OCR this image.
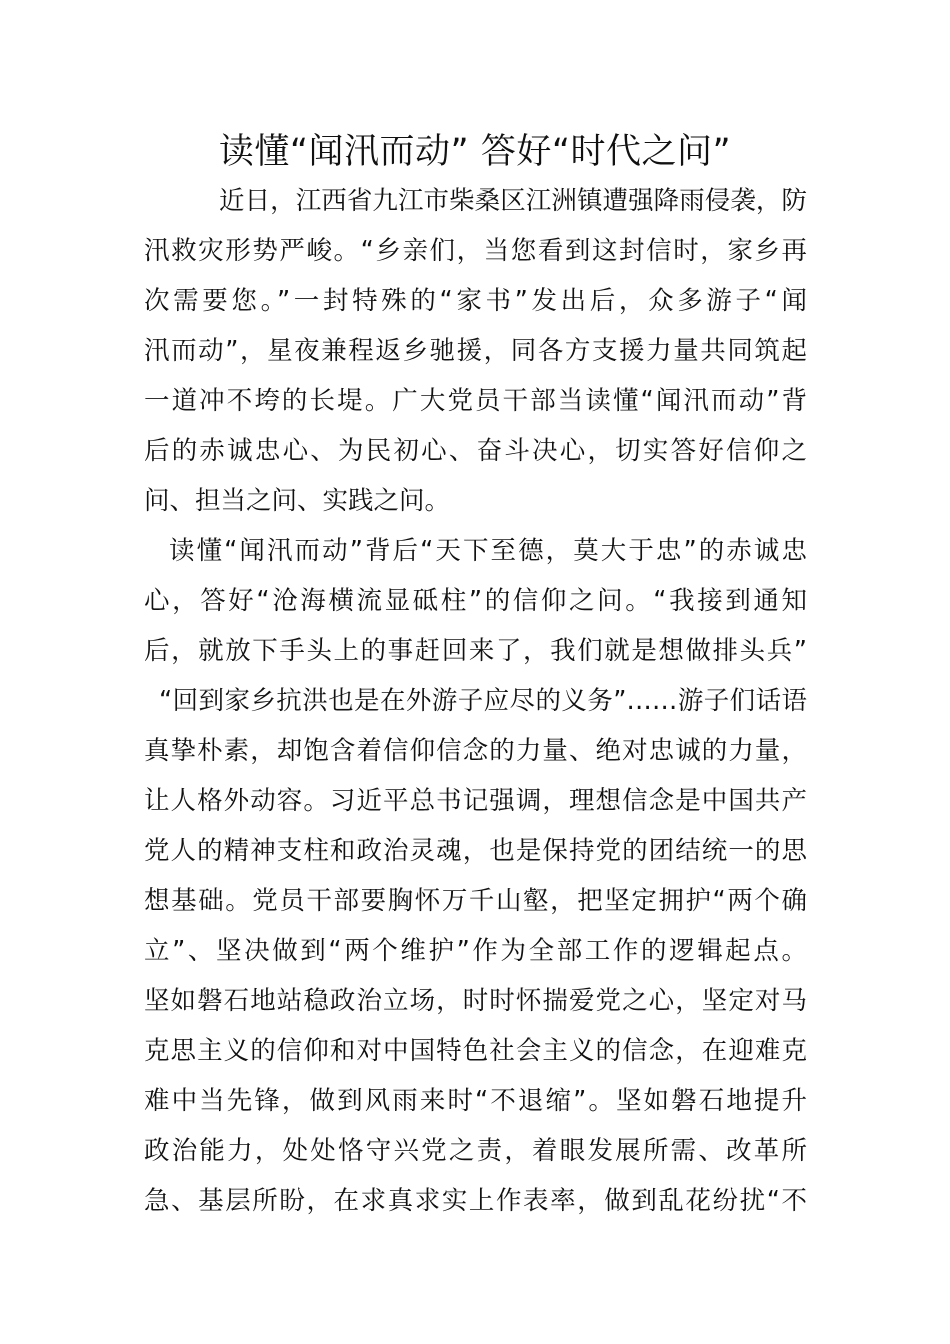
读懂“闻汛而动” 答好“时代之问”
近日，江西省九江市柴桑区江洲镇遭强降雨侵袭，防
汛救灾形势严峻。“乡亲们，当您看到这封信时，家乡再
次需要您。”一封特殊的“家书”发出后，众多游子“闻
汛而动”，星夜兼程返乡驰援，同各方支援力量共同筑起
一道冲不垮的长堤。广大党员干部当读懂“闻汛而动”背
后的赤诚忠心、为民初心、奋斗决心，切实答好信仰之
问、担当之问、实践之问。
读懂“闻汛而动”背后“天下至德，莫大于忠”的赤诚忠
心，答好“沧海横流显砥柱”的信仰之问。“我接到通知
后，就放下手头上的事赶回来了，我们就是想做排头兵”
“回到家乡抗洪也是在外游子应尽的义务”……游子们话语
真挚朴素，却饱含着信仰信念的力量、绝对忠诚的力量，
让人格外动容。习近平总书记强调，理想信念是中国共产
党人的精神支柱和政治灵魂，也是保持党的团结统一的思
想基础。党员干部要胸怀万千山壑，把坚定拥护“两个确
立”、坚决做到“两个维护”作为全部工作的逻辑起点。
坚如磐石地站稳政治立场，时时怀揣爱党之心，坚定对马
克思主义的信仰和对中国特色社会主义的信念，在迎难克
难中当先锋，做到风雨来时“不退缩”。坚如磐石地提升
政治能力，处处恪守兴党之责，着眼发展所需、改革所
急、基层所盼，在求真求实上作表率，做到乱花纷扰“不
